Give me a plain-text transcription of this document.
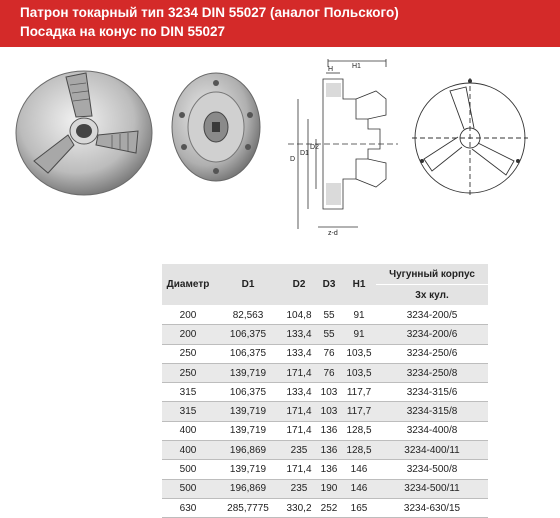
Патрон токарный тип 3234 DIN 55027 (аналог Польского)
Посадка на конус по DIN 55027
H1
H
D
D1
D2
z-d
Диаметр	D1	D2	D3	H1	Чугунный корпус
					3х кул.
200	82,563	104,8	55	91	3234-200/5
200	106,375	133,4	55	91	3234-200/6
250	106,375	133,4	76	103,5	3234-250/6
250	139,719	171,4	76	103,5	3234-250/8
315	106,375	133,4	103	117,7	3234-315/6
315	139,719	171,4	103	117,7	3234-315/8
400	139,719	171,4	136	128,5	3234-400/8
400	196,869	235	136	128,5	3234-400/11
500	139,719	171,4	136	146	3234-500/8
500	196,869	235	190	146	3234-500/11
630	285,7775	330,2	252	165	3234-630/15
